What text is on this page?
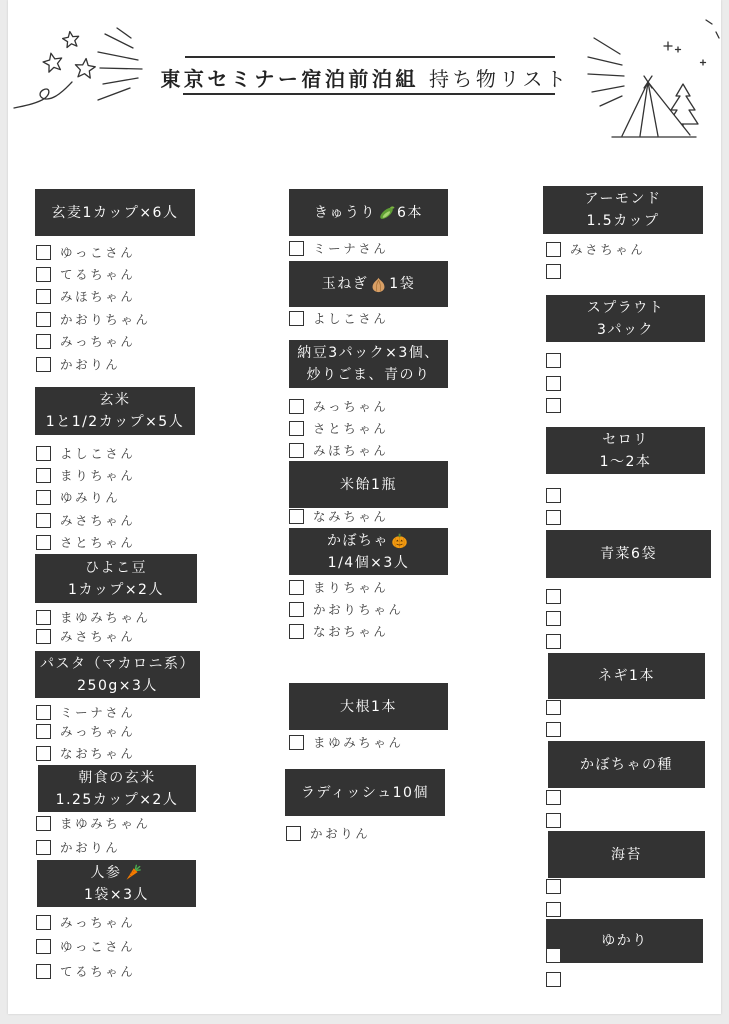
東京セミナー宿泊前泊組 持ち物リスト
玄麦1カップ×6人
ゆっこさん
てるちゃん
みほちゃん
かおりちゃん
みっちゃん
かおりん
玄米
1と1/2カップ×5人
よしこさん
まりちゃん
ゆみりん
みさちゃん
さとちゃん
ひよこ豆
1カップ×2人
まゆみちゃん
みさちゃん
パスタ（マカロニ系）
250g×3人
ミーナさん
みっちゃん
なおちゃん
朝食の玄米
1.25カップ×2人
まゆみちゃん
かおりん
人参
1袋×3人
みっちゃん
ゆっこさん
てるちゃん
きゅうり 6本
ミーナさん
玉ねぎ 1袋
よしこさん
納豆3パック×3個、
炒りごま、青のり
みっちゃん
さとちゃん
みほちゃん
米飴1瓶
なみちゃん
かぼちゃ
1/4個×3人
まりちゃん
かおりちゃん
なおちゃん
大根1本
まゆみちゃん
ラディッシュ10個
かおりん
アーモンド
1.5カップ
みさちゃん
スプラウト
3パック
セロリ
1〜2本
青菜6袋
ネギ1本
かぼちゃの種
海苔
ゆかり
